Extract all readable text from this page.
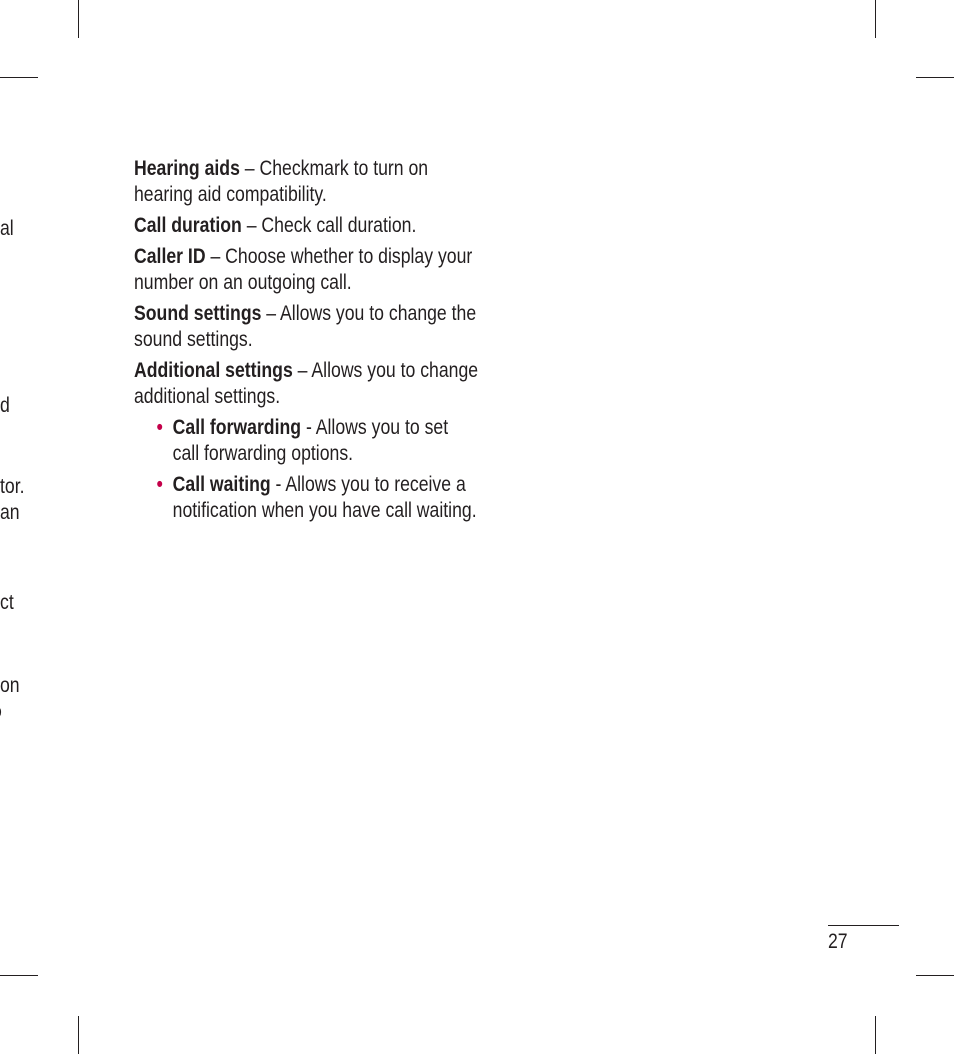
al
d
tor.
an
ct
on

Hearing aids – Checkmark to turn on hearing aid compatibility.

Call duration – Check call duration.

Caller ID – Choose whether to display your number on an outgoing call.

Sound settings – Allows you to change the sound settings.

Additional settings – Allows you to change additional settings.

• Call forwarding - Allows you to set call forwarding options.

• Call waiting - Allows you to receive a notification when you have call waiting.

27
